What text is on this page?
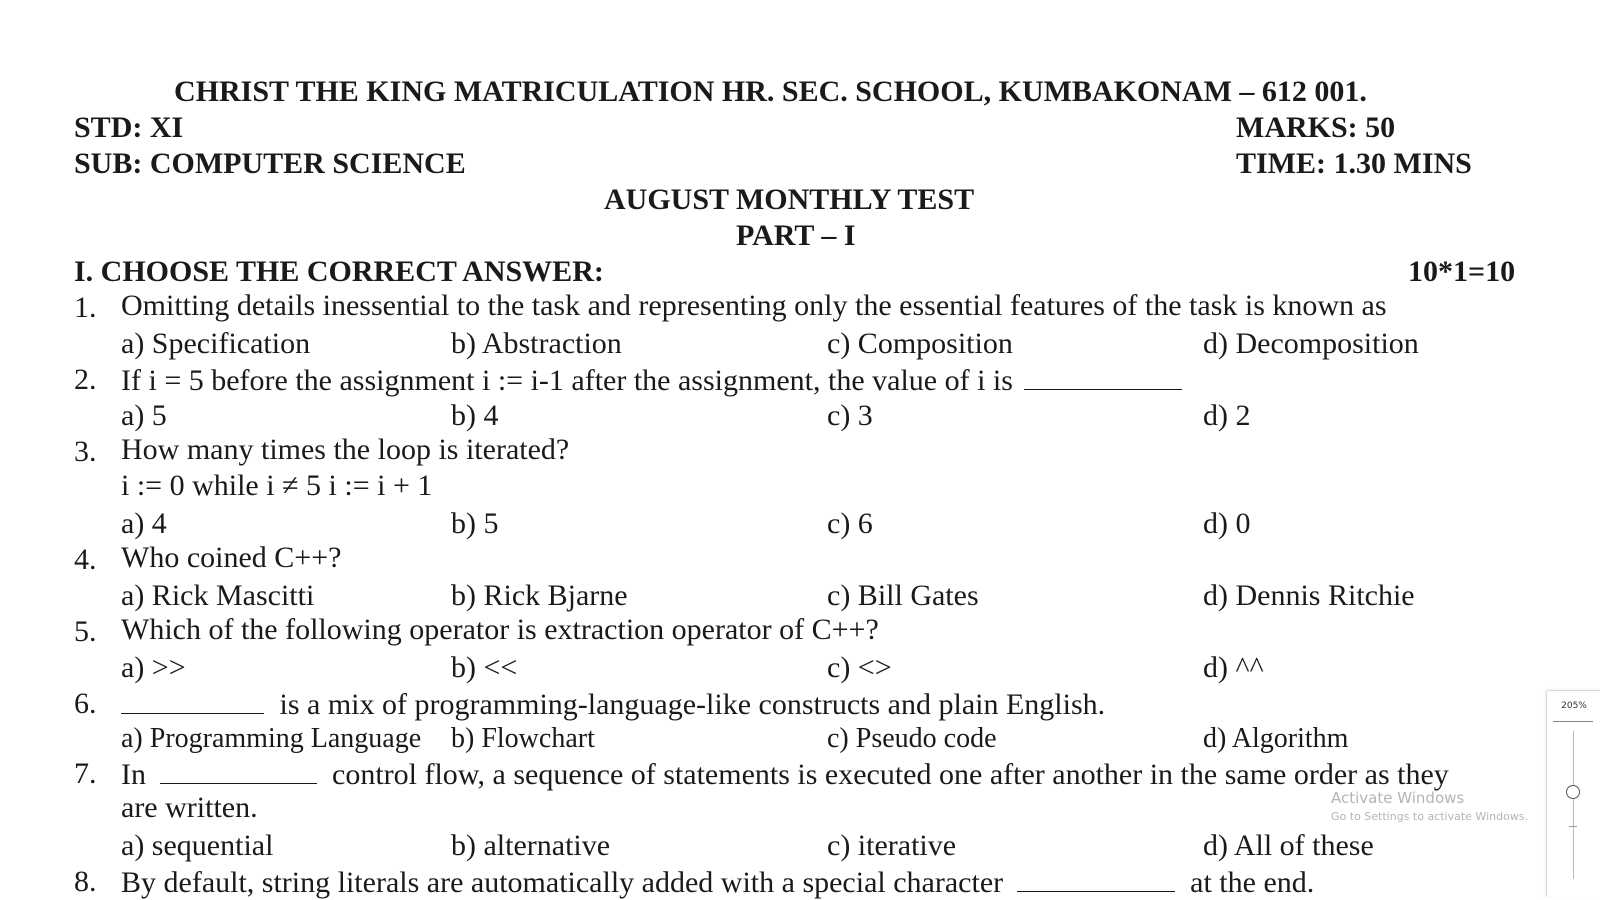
CHRIST THE KING MATRICULATION HR. SEC. SCHOOL, KUMBAKONAM – 612 001.
STD: XI	MARKS: 50
SUB: COMPUTER SCIENCE	TIME: 1.30 MINS
AUGUST MONTHLY TEST
PART – I
I. CHOOSE THE CORRECT ANSWER:	10*1=10
1. Omitting details inessential to the task and representing only the essential features of the task is known as
a) Specification	b) Abstraction	c) Composition	d) Decomposition
2. If i = 5 before the assignment i := i-1 after the assignment, the value of i is
a) 5	b) 4	c) 3	d) 2
3. How many times the loop is iterated?
i := 0 while i ≠ 5 i := i + 1
a) 4	b) 5	c) 6	d) 0
4. Who coined C++?
a) Rick Mascitti	b) Rick Bjarne	c) Bill Gates	d) Dennis Ritchie
5. Which of the following operator is extraction operator of C++?
a) >>	b) <<	c) <>	d) ^^
6.	is a mix of programming-language-like constructs and plain English.
a) Programming Language b) Flowchart	c) Pseudo code	d) Algorithm
7. In	control flow, a sequence of statements is executed one after another in the same order as they
are written.
a) sequential	b) alternative	c) iterative	d) All of these
8. By default, string literals are automatically added with a special character	at the end.
Activate Windows
Go to Settings to activate Windows.
205%
